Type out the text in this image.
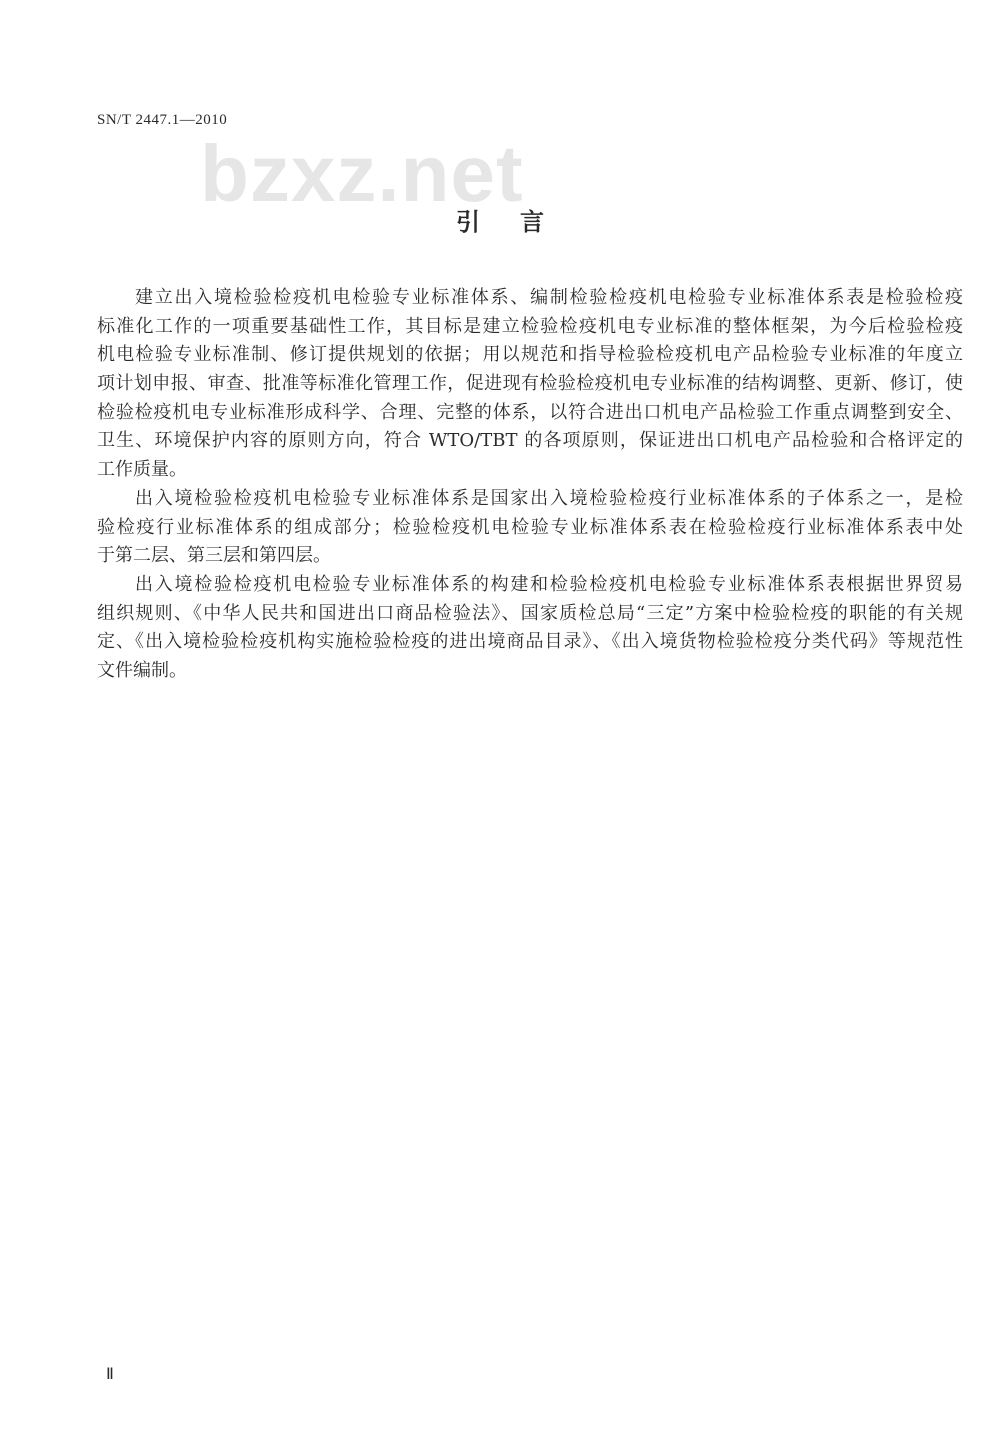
SN/T 2447.1—2010
bzxz.net
引言
建立出入境检验检疫机电检验专业标准体系、编制检验检疫机电检验专业标准体系表是检验检疫
标准化工作的一项重要基础性工作，其目标是建立检验检疫机电专业标准的整体框架，为今后检验检疫
机电检验专业标准制、修订提供规划的依据；用以规范和指导检验检疫机电产品检验专业标准的年度立
项计划申报、审查、批准等标准化管理工作，促进现有检验检疫机电专业标准的结构调整、更新、修订，使
检验检疫机电专业标准形成科学、合理、完整的体系，以符合进出口机电产品检验工作重点调整到安全、
卫生、环境保护内容的原则方向，符合 WTO/TBT 的各项原则，保证进出口机电产品检验和合格评定的
工作质量。
出入境检验检疫机电检验专业标准体系是国家出入境检验检疫行业标准体系的子体系之一，是检
验检疫行业标准体系的组成部分；检验检疫机电检验专业标准体系表在检验检疫行业标准体系表中处
于第二层、第三层和第四层。
出入境检验检疫机电检验专业标准体系的构建和检验检疫机电检验专业标准体系表根据世界贸易
组织规则、《中华人民共和国进出口商品检验法》、国家质检总局“三定”方案中检验检疫的职能的有关规
定、《出入境检验检疫机构实施检验检疫的进出境商品目录》、《出入境货物检验检疫分类代码》等规范性
文件编制。
Ⅱ
